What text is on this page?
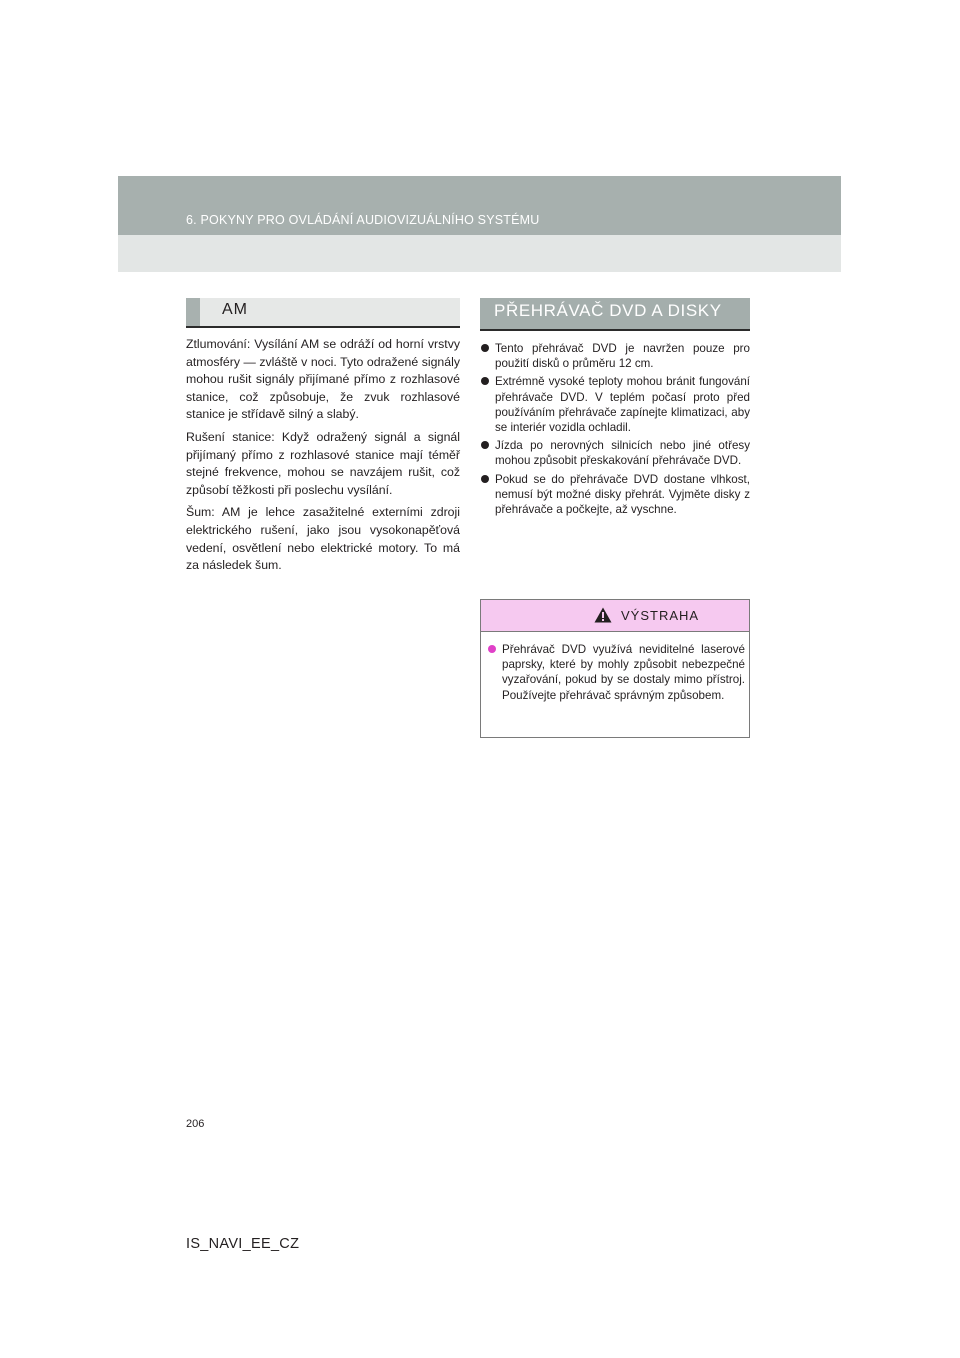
6. POKYNY PRO OVLÁDÁNÍ AUDIOVIZUÁLNÍHO SYSTÉMU
AM

Ztlumování: Vysílání AM se odráží od horní vrstvy atmosféry — zvláště v noci. Tyto odražené signály mohou rušit signály přijímané přímo z rozhlasové stanice, což způsobuje, že zvuk rozhlasové stanice je střídavě silný a slabý.

Rušení stanice: Když odražený signál a signál přijímaný přímo z rozhlasové stanice mají téměř stejné frekvence, mohou se navzájem rušit, což způsobí těžkosti při poslechu vysílání.

Šum: AM je lehce zasažitelné externími zdroji elektrického rušení, jako jsou vysokonapěťová vedení, osvětlení nebo elektrické motory. To má za následek šum.

PŘEHRÁVAČ DVD A DISKY
Tento přehrávač DVD je navržen pouze pro použití disků o průměru 12 cm.
Extrémně vysoké teploty mohou bránit fungování přehrávače DVD. V teplém počasí proto před používáním přehrávače zapínejte klimatizaci, aby se interiér vozidla ochladil.
Jízda po nerovných silnicích nebo jiné otřesy mohou způsobit přeskakování přehrávače DVD.
Pokud se do přehrávače DVD dostane vlhkost, nemusí být možné disky přehrát. Vyjměte disky z přehrávače a počkejte, až vyschne.
VÝSTRAHA
Přehrávač DVD využívá neviditelné laserové paprsky, které by mohly způsobit nebezpečné vyzařování, pokud by se dostaly mimo přístroj. Používejte přehrávač správným způsobem.
206
IS_NAVI_EE_CZ
